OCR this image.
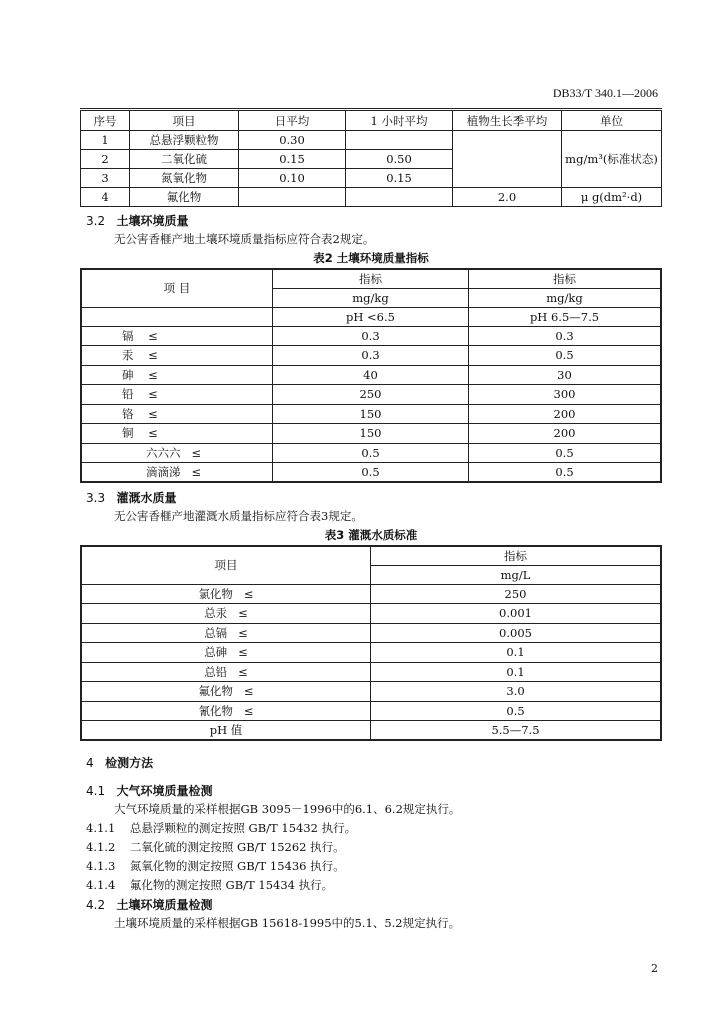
DB33/T 340.1—2006
序号	项目	日平均	1 小时平均	植物生长季平均	单位
1	总悬浮颗粒物	0.30			mg/m³(标准状态)
2	二氧化硫	0.15	0.50		
3	氮氧化物	0.10	0.15		
4	氟化物			2.0	μ g(dm²·d)
3.2 土壤环境质量
无公害香榧产地土壤环境质量指标应符合表2规定。
表2 土壤环境质量指标
项 目	指标	指标
	mg/kg	mg/kg
	pH <6.5	pH 6.5—7.5
镉 ≤	0.3	0.3
汞 ≤	0.3	0.5
砷 ≤	40	30
铅 ≤	250	300
铬 ≤	150	200
铜 ≤	150	200
六六六 ≤	0.5	0.5
滴滴涕 ≤	0.5	0.5
3.3 灌溉水质量
无公害香榧产地灌溉水质量指标应符合表3规定。
表3 灌溉水质标准
项目	指标
	mg/L
氯化物 ≤	250
总汞 ≤	0.001
总镉 ≤	0.005
总砷 ≤	0.1
总铅 ≤	0.1
氟化物 ≤	3.0
氰化物 ≤	0.5
pH 值	5.5—7.5
4 检测方法
4.1 大气环境质量检测
大气环境质量的采样根据GB 3095－1996中的6.1、6.2规定执行。
4.1.1 总悬浮颗粒的测定按照 GB/T 15432 执行。
4.1.2 二氧化硫的测定按照 GB/T 15262 执行。
4.1.3 氮氧化物的测定按照 GB/T 15436 执行。
4.1.4 氟化物的测定按照 GB/T 15434 执行。
4.2 土壤环境质量检测
土壤环境质量的采样根据GB 15618-1995中的5.1、5.2规定执行。
2
